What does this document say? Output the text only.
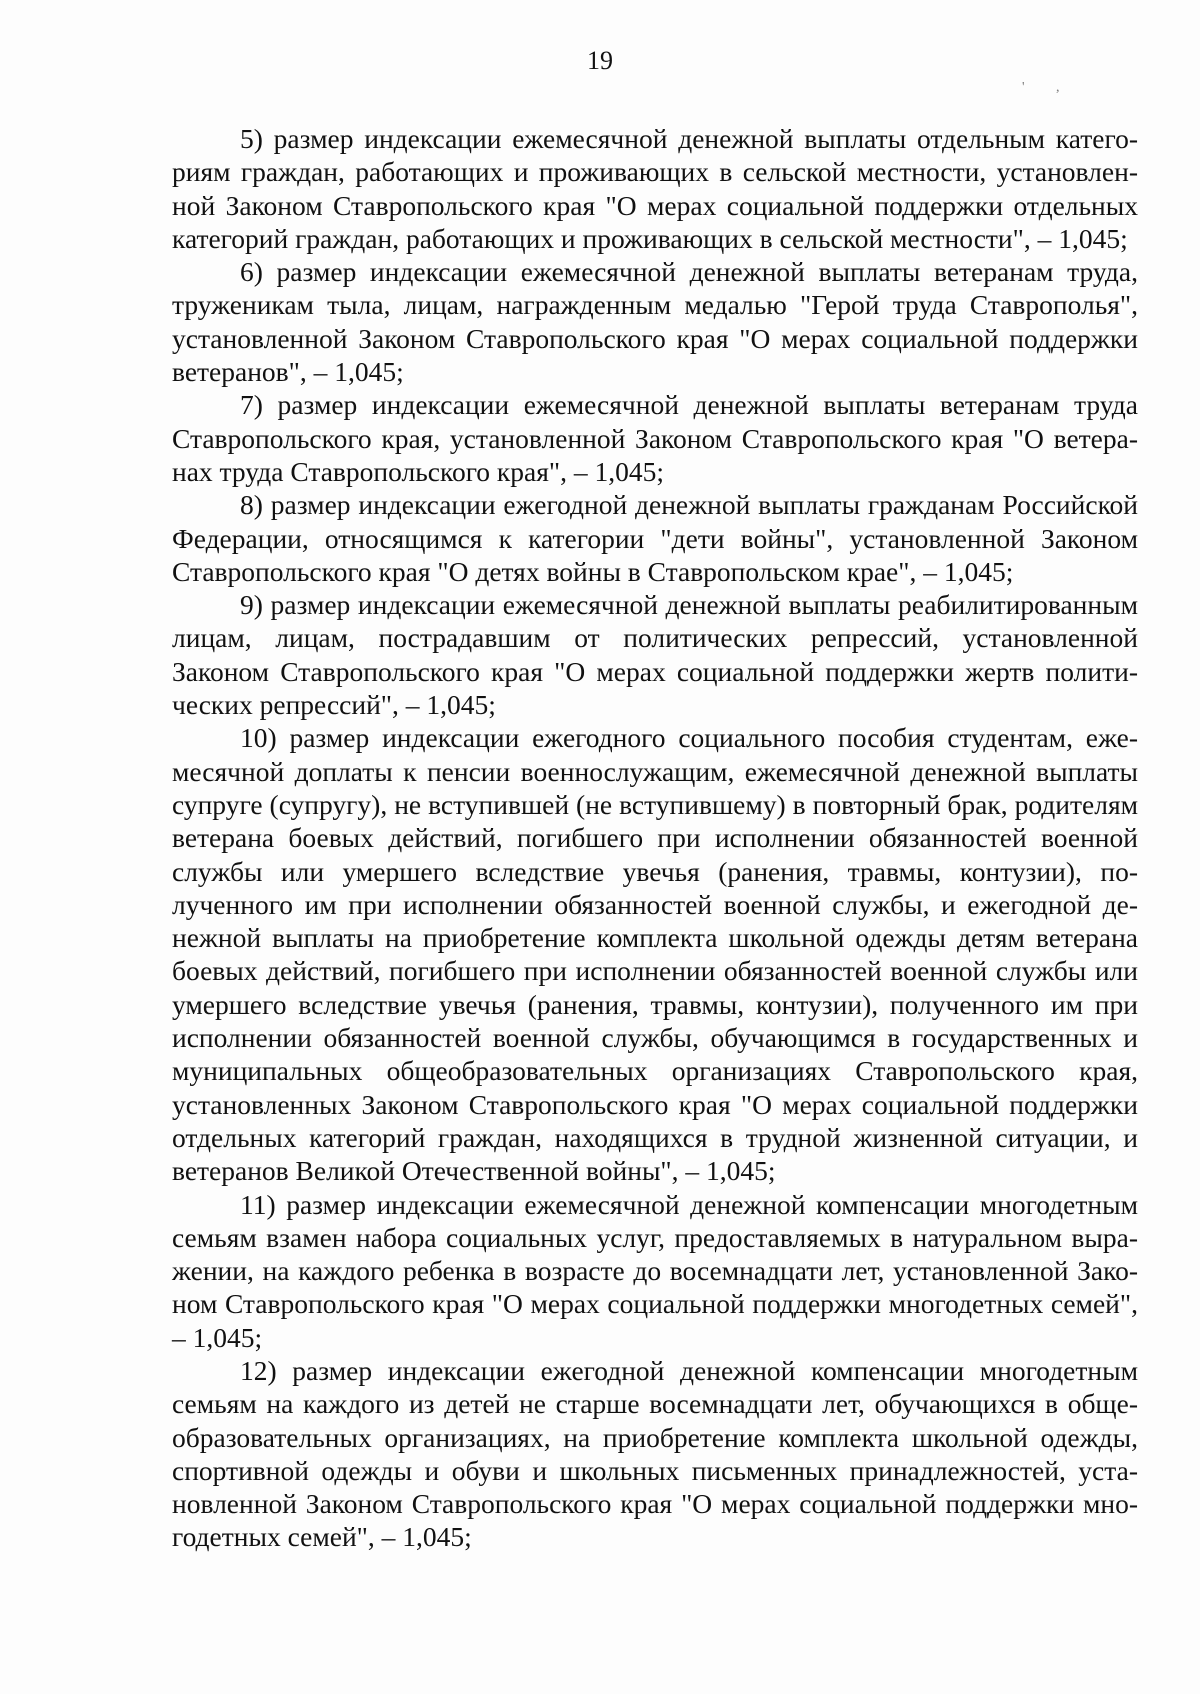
19
' ,

5) размер индексации ежемесячной денежной выплаты отдельным категориям граждан, работающих и проживающих в сельской местности, установленной Законом Ставропольского края "О мерах социальной поддержки отдельных категорий граждан, работающих и проживающих в сельской местности", – 1,045;

6) размер индексации ежемесячной денежной выплаты ветеранам труда, труженикам тыла, лицам, награжденным медалью "Герой труда Ставрополья", установленной Законом Ставропольского края "О мерах социальной поддержки ветеранов", – 1,045;

7) размер индексации ежемесячной денежной выплаты ветеранам труда Ставропольского края, установленной Законом Ставропольского края "О ветеранах труда Ставропольского края", – 1,045;

8) размер индексации ежегодной денежной выплаты гражданам Российской Федерации, относящимся к категории "дети войны", установленной Законом Ставропольского края "О детях войны в Ставропольском крае", – 1,045;

9) размер индексации ежемесячной денежной выплаты реабилитированным лицам, лицам, пострадавшим от политических репрессий, установленной Законом Ставропольского края "О мерах социальной поддержки жертв политических репрессий", – 1,045;

10) размер индексации ежегодного социального пособия студентам, ежемесячной доплаты к пенсии военнослужащим, ежемесячной денежной выплаты супруге (супругу), не вступившей (не вступившему) в повторный брак, родителям ветерана боевых действий, погибшего при исполнении обязанностей военной службы или умершего вследствие увечья (ранения, травмы, контузии), полученного им при исполнении обязанностей военной службы, и ежегодной денежной выплаты на приобретение комплекта школьной одежды детям ветерана боевых действий, погибшего при исполнении обязанностей военной службы или умершего вследствие увечья (ранения, травмы, контузии), полученного им при исполнении обязанностей военной службы, обучающимся в государственных и муниципальных общеобразовательных организациях Ставропольского края, установленных Законом Ставропольского края "О мерах социальной поддержки отдельных категорий граждан, находящихся в трудной жизненной ситуации, и ветеранов Великой Отечественной войны", – 1,045;

11) размер индексации ежемесячной денежной компенсации многодетным семьям взамен набора социальных услуг, предоставляемых в натуральном выражении, на каждого ребенка в возрасте до восемнадцати лет, установленной Законом Ставропольского края "О мерах социальной поддержки многодетных семей", – 1,045;

12) размер индексации ежегодной денежной компенсации многодетным семьям на каждого из детей не старше восемнадцати лет, обучающихся в общеобразовательных организациях, на приобретение комплекта школьной одежды, спортивной одежды и обуви и школьных письменных принадлежностей, установленной Законом Ставропольского края "О мерах социальной поддержки многодетных семей", – 1,045;
